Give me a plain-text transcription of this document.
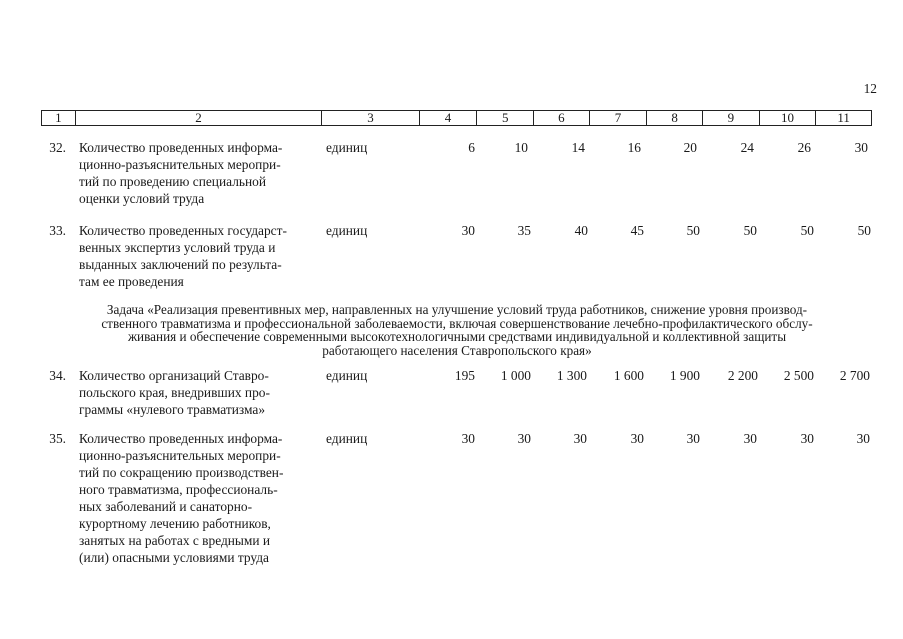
12
1	2	3	4	5	6	7	8	9	10	11
32. Количество проведенных информа-
ционно-разъяснительных меропри-
тий по проведению специальной
оценки условий труда
единиц	6	10	14	16	20	24	26	30
33. Количество проведенных государст-
венных экспертиз условий труда и
выданных заключений по результа-
там ее проведения
единиц	30	35	40	45	50	50	50	50
Задача «Реализация превентивных мер, направленных на улучшение условий труда работников, снижение уровня производ-
ственного травматизма и профессиональной заболеваемости, включая совершенствование лечебно-профилактического обслу-
живания и обеспечение современными высокотехнологичными средствами индивидуальной и коллективной защиты
работающего населения Ставропольского края»
34. Количество организаций Ставро-
польского края, внедривших про-
граммы «нулевого травматизма»
единиц	195	1 000	1 300	1 600	1 900	2 200	2 500	2 700
35. Количество проведенных информа-
ционно-разъяснительных меропри-
тий по сокращению производствен-
ного травматизма, профессиональ-
ных заболеваний и санаторно-
курортному лечению работников,
занятых на работах с вредными и
(или) опасными условиями труда
единиц	30	30	30	30	30	30	30	30
